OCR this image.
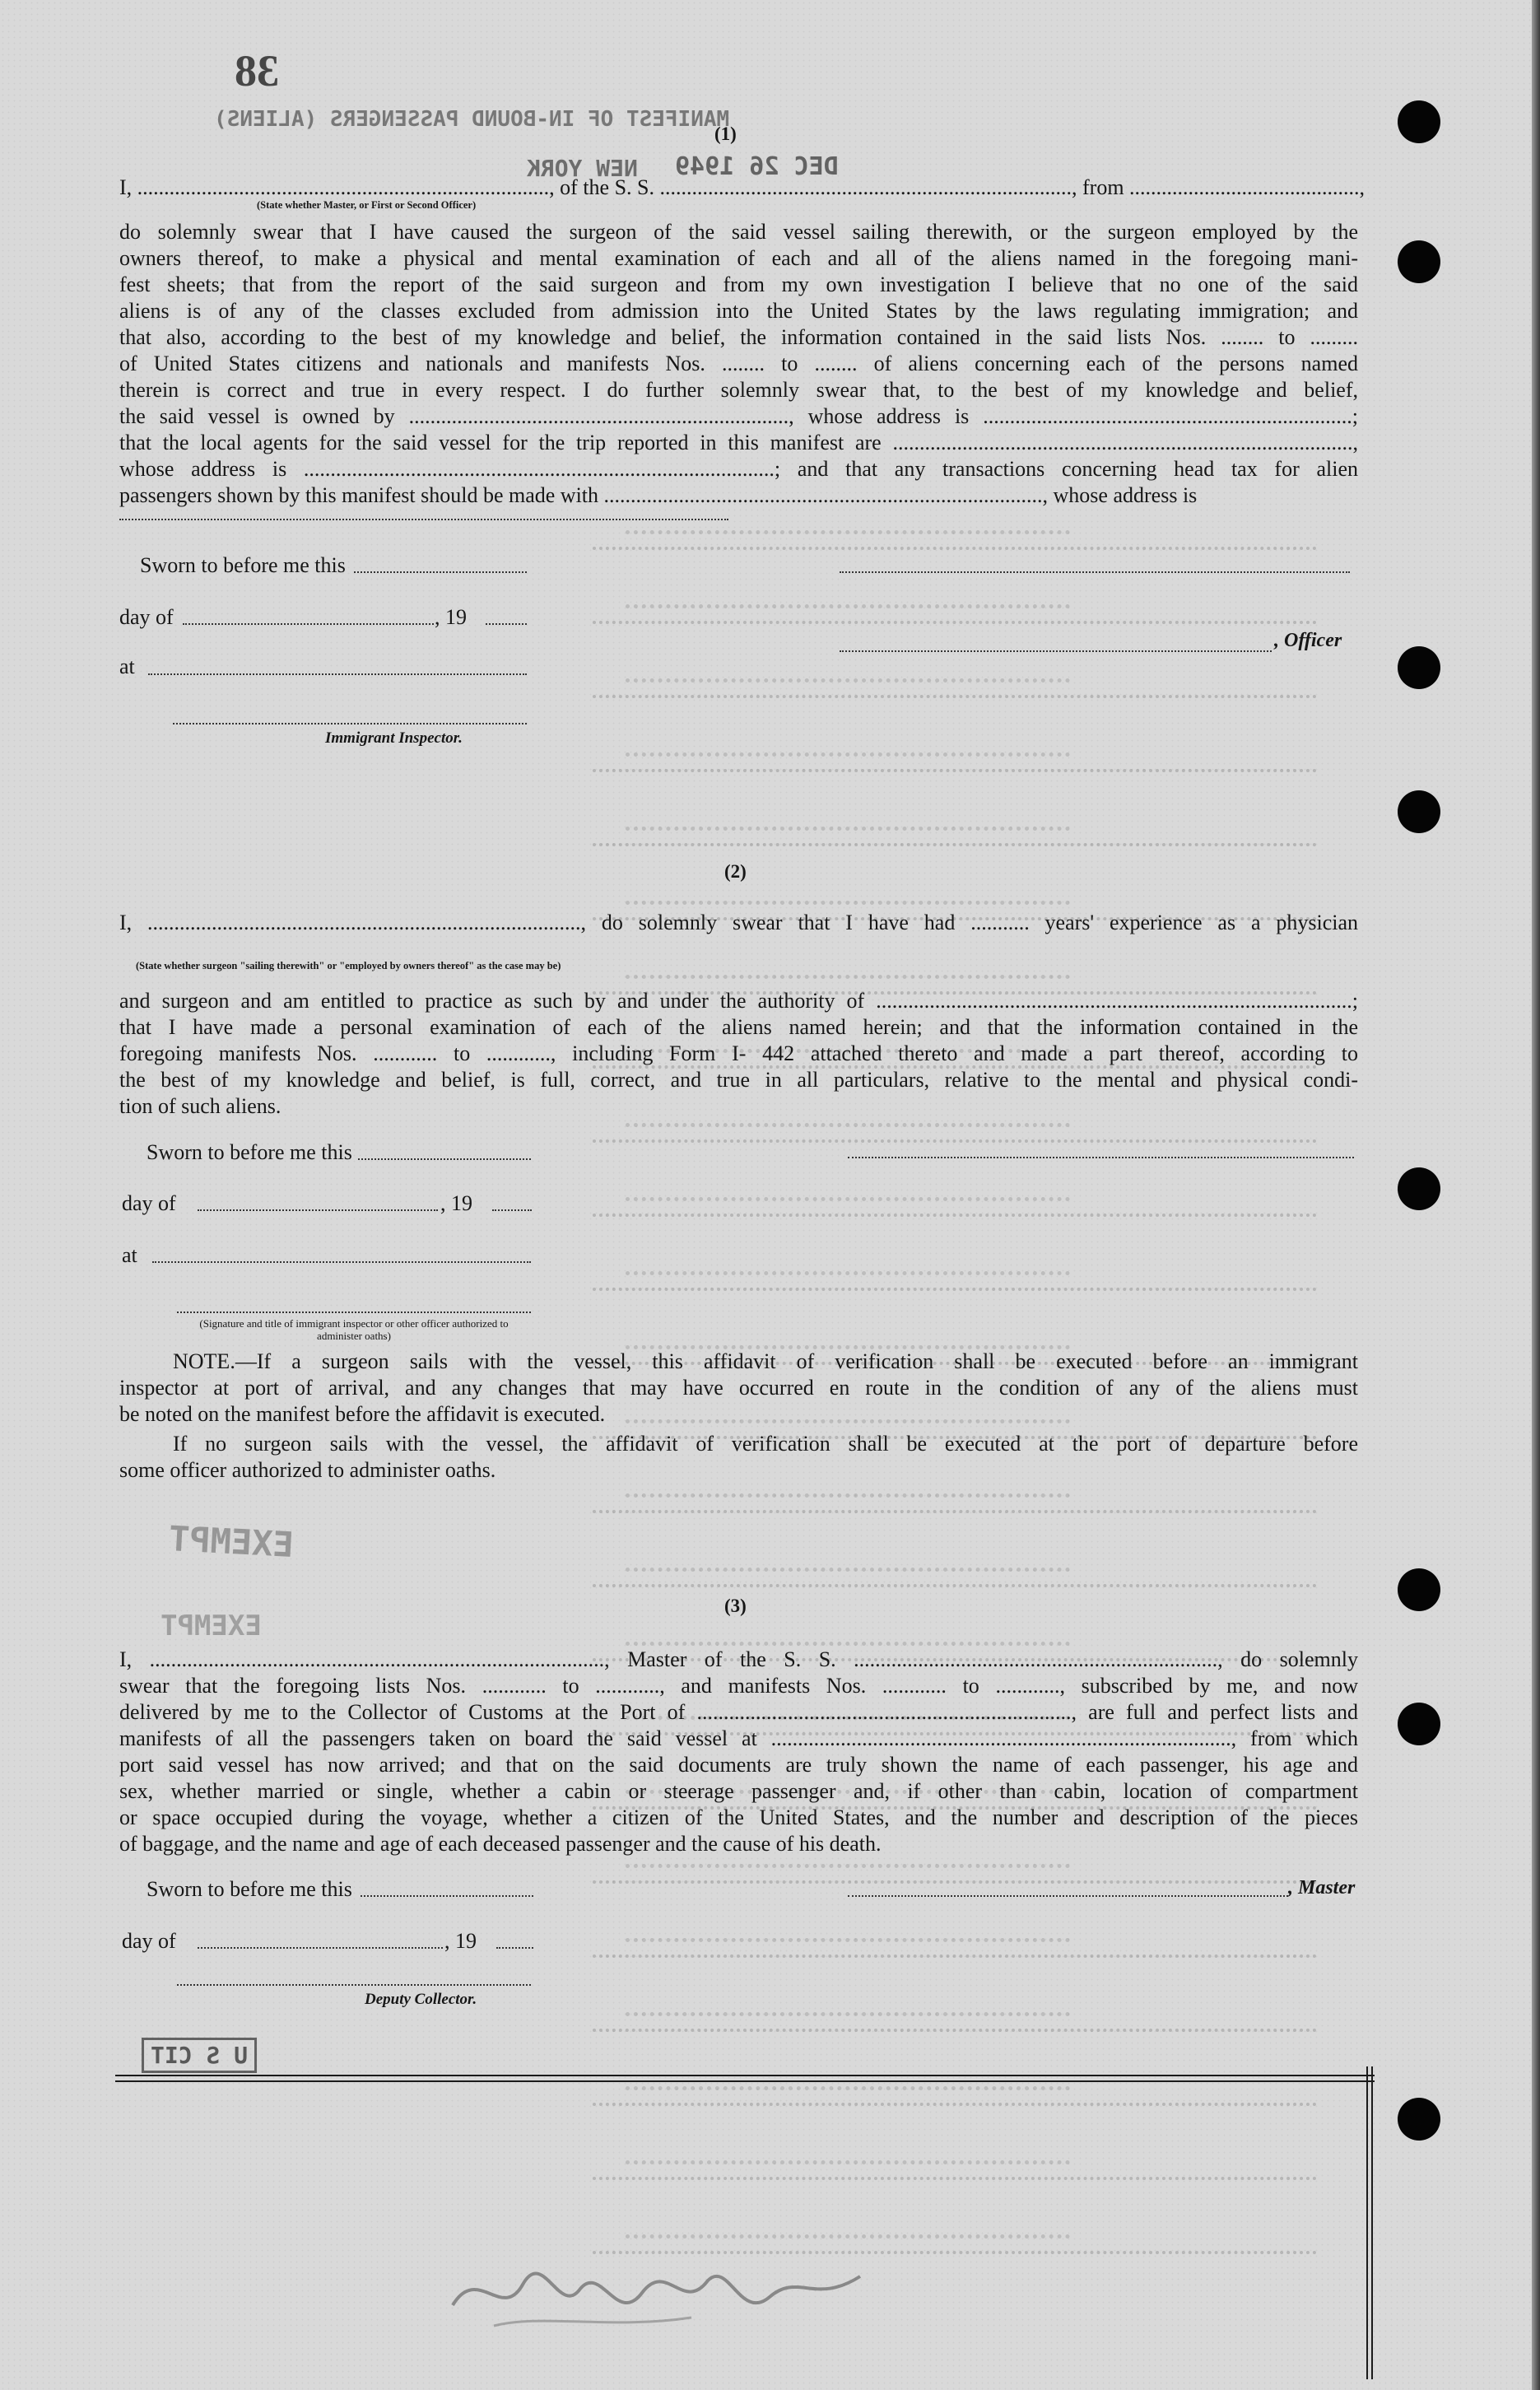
38
MANIFEST OF IN-BOUND PASSENGERS (ALIENS)
DEC 26 1949
NEW YORK
(1)
I, ............................................................................., of the S. S. ............................................................................., from ...........................................,
(State whether Master, or First or Second Officer)
do solemnly swear that I have caused the surgeon of the said vessel sailing therewith, or the surgeon employed by the
owners thereof, to make a physical and mental examination of each and all of the aliens named in the foregoing mani-
fest sheets; that from the report of the said surgeon and from my own investigation I believe that no one of the said
aliens is of any of the classes excluded from admission into the United States by the laws regulating immigration; and
that also, according to the best of my knowledge and belief, the information contained in the said lists Nos. ........ to .........
of United States citizens and nationals and manifests Nos. ........ to ........ of aliens concerning each of the persons named
therein is correct and true in every respect. I do further solemnly swear that, to the best of my knowledge and belief,
the said vessel is owned by ......................................................................., whose address is .....................................................................;
that the local agents for the said vessel for the trip reported in this manifest are ......................................................................................,
whose address is ........................................................................................; and that any transactions concerning head tax for alien
passengers shown by this manifest should be made with .................................................................................., whose address is
Sworn to before me this
day of	, 19
, Officer
at
Immigrant Inspector.
(2)
I, ................................................................................., do solemnly swear that I have had ........... years' experience as a physician
(State whether surgeon "sailing therewith" or "employed by owners thereof" as the case may be)
and surgeon and am entitled to practice as such by and under the authority of .........................................................................................;
that I have made a personal examination of each of the aliens named herein; and that the information contained in the
foregoing manifests Nos. ............ to ............, including Form I- 442 attached thereto and made a part thereof, according to
the best of my knowledge and belief, is full, correct, and true in all particulars, relative to the mental and physical condi-
tion of such aliens.
Sworn to before me this
day of	, 19
at
(Signature and title of immigrant inspector or other officer authorized to administer oaths)
NOTE.—If a surgeon sails with the vessel, this affidavit of verification shall be executed before an immigrant
inspector at port of arrival, and any changes that may have occurred en route in the condition of any of the aliens must
be noted on the manifest before the affidavit is executed.
If no surgeon sails with the vessel, the affidavit of verification shall be executed at the port of departure before
some officer authorized to administer oaths.
EXEMPT
EXEMPT
(3)
I, ....................................................................................., Master of the S. S. ...................................................................., do solemnly
swear that the foregoing lists Nos. ............ to ............, and manifests Nos. ............ to ............, subscribed by me, and now
delivered by me to the Collector of Customs at the Port of ......................................................................, are full and perfect lists and
manifests of all the passengers taken on board the said vessel at ......................................................................................, from which
port said vessel has now arrived; and that on the said documents are truly shown the name of each passenger, his age and
sex, whether married or single, whether a cabin or steerage passenger and, if other than cabin, location of compartment
or space occupied during the voyage, whether a citizen of the United States, and the number and description of the pieces
of baggage, and the name and age of each deceased passenger and the cause of his death.
Sworn to before me this	, Master
day of	, 19
Deputy Collector.
U S CIT
